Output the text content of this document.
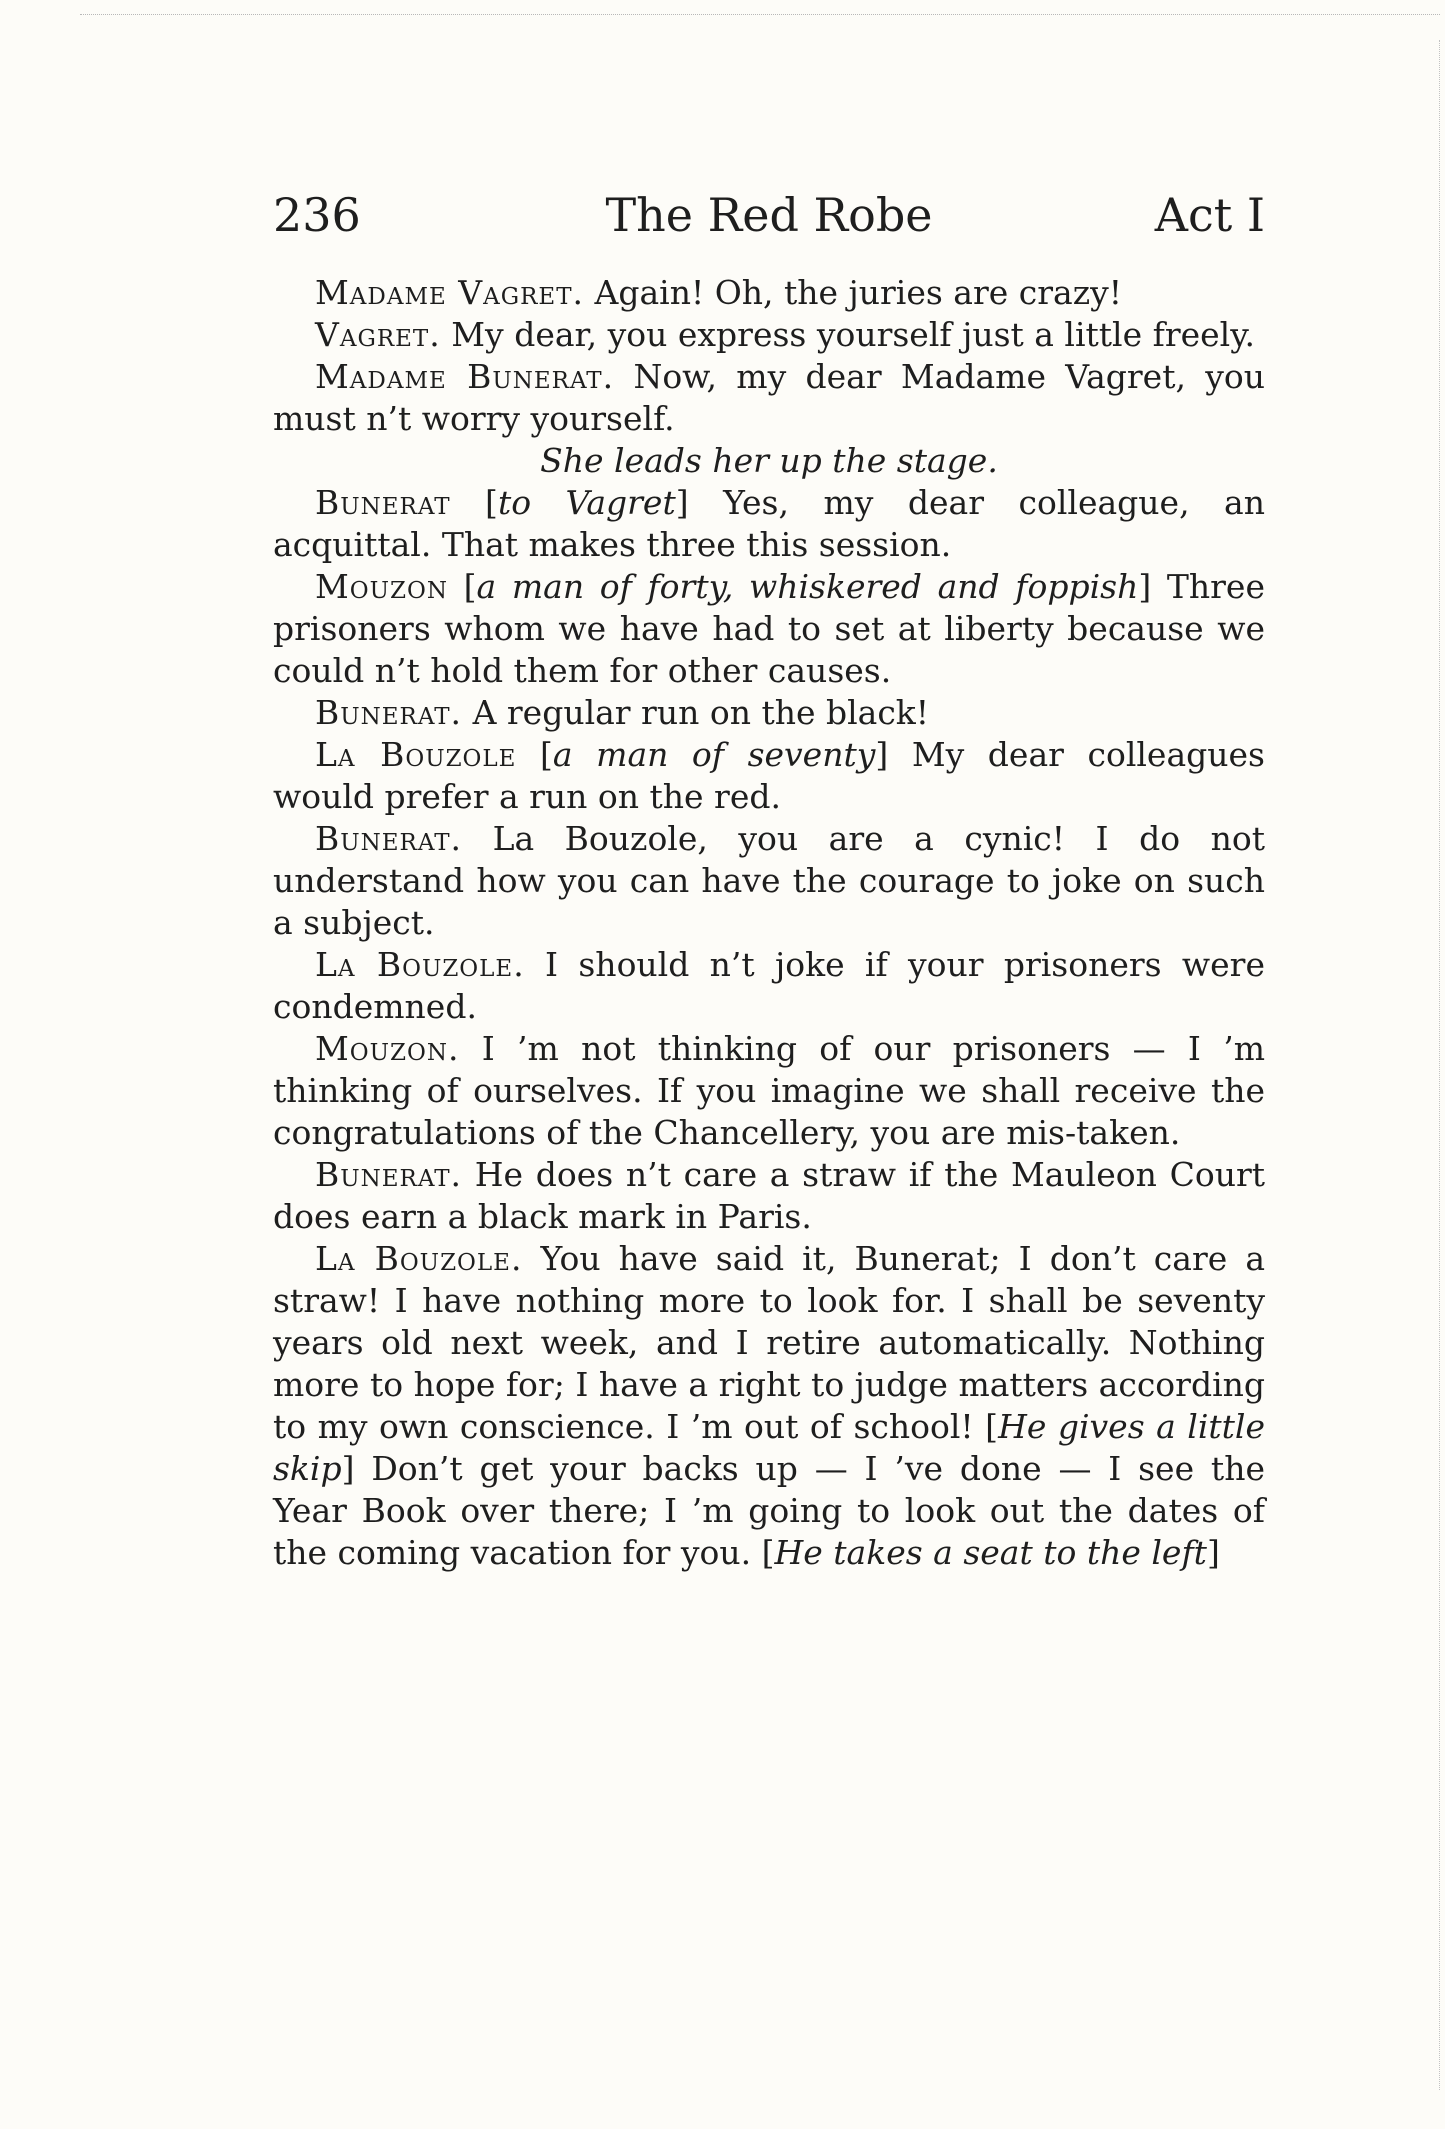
The Red Robe
236	Act I

Madame Vagret. Again! Oh, the juries are crazy!

Vagret. My dear, you express yourself just a little freely.

Madame Bunerat. Now, my dear Madame Vagret, you must n’t worry yourself.

She leads her up the stage.

Bunerat [to Vagret] Yes, my dear colleague, an acquittal. That makes three this session.

Mouzon [a man of forty, whiskered and foppish] Three prisoners whom we have had to set at liberty because we could n’t hold them for other causes.

Bunerat. A regular run on the black!

La Bouzole [a man of seventy] My dear colleagues would prefer a run on the red.

Bunerat. La Bouzole, you are a cynic! I do not understand how you can have the courage to joke on such a subject.

La Bouzole. I should n’t joke if your prisoners were condemned.

Mouzon. I ’m not thinking of our prisoners — I ’m thinking of ourselves. If you imagine we shall receive the congratulations of the Chancellery, you are mis-taken.

Bunerat. He does n’t care a straw if the Mauleon Court does earn a black mark in Paris.

La Bouzole. You have said it, Bunerat; I don’t care a straw! I have nothing more to look for. I shall be seventy years old next week, and I retire automatically. Nothing more to hope for; I have a right to judge matters according to my own conscience. I ’m out of school! [He gives a little skip] Don’t get your backs up — I ’ve done — I see the Year Book over there; I ’m going to look out the dates of the coming vacation for you. [He takes a seat to the left]
